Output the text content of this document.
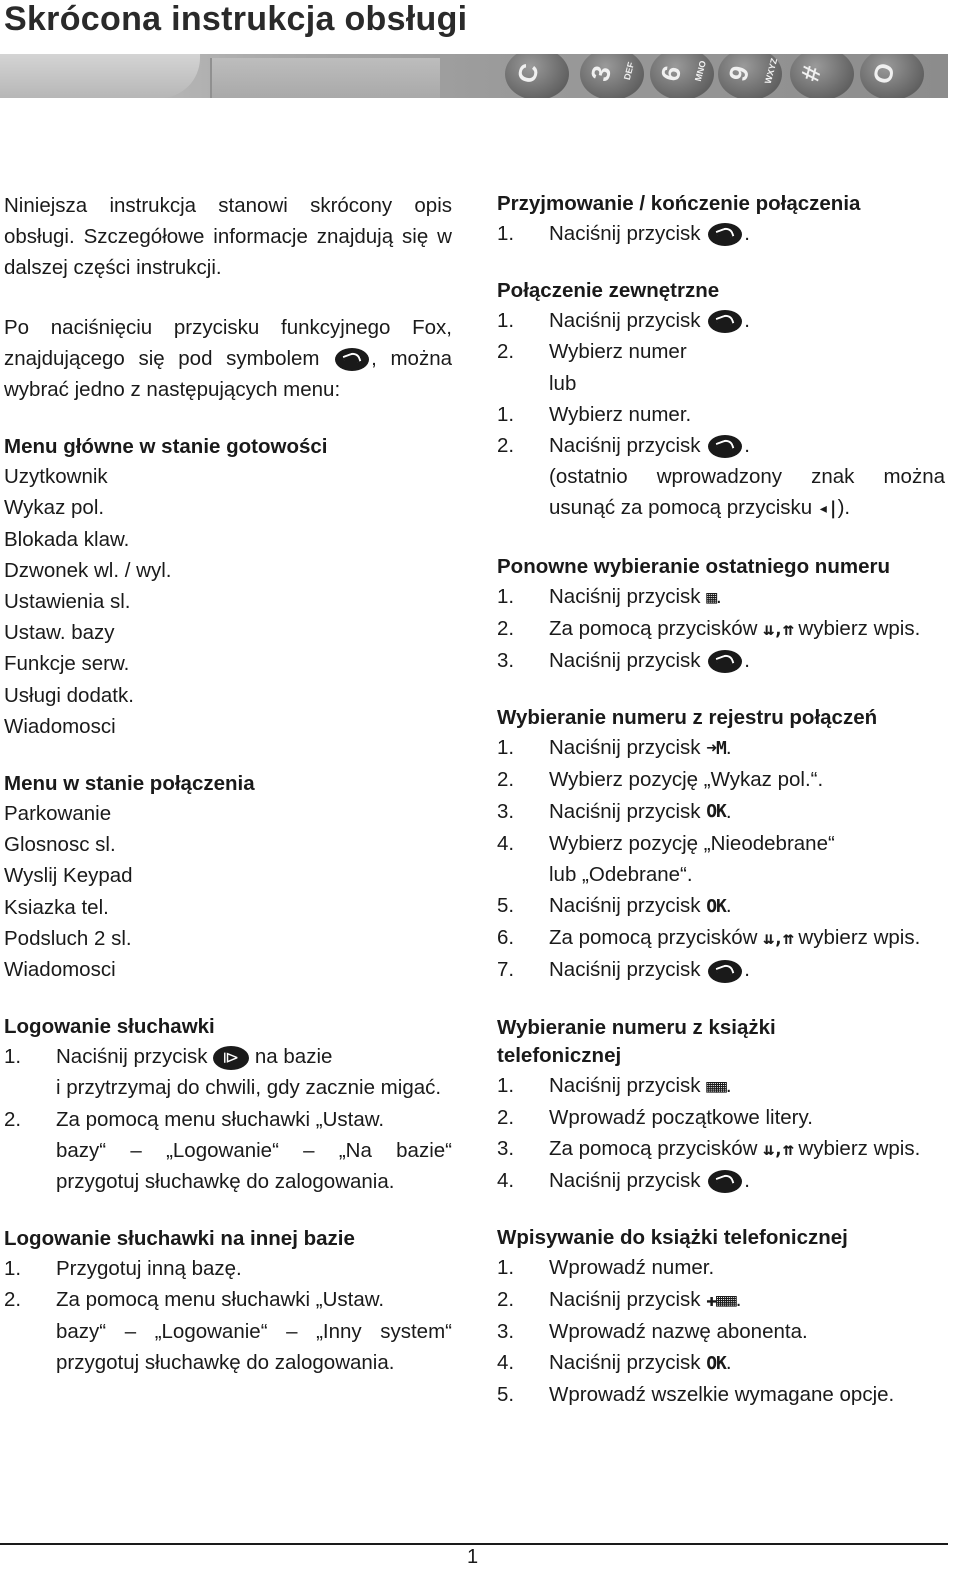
Skrócona instrukcja obsługi
C 3 DEF 6 MNO 9 WXYZ # O

Niniejsza instrukcja stanowi skrócony opis obsługi. Szczegółowe informacje znajdują się w dalszej części instrukcji.

Po naciśnięciu przycisku funkcyjnego Fox, znajdującego się pod symbolem	, można wybrać jedno z następujących menu:

Menu główne w stanie gotowości
Uzytkownik
Wykaz pol.
Blokada klaw.
Dzwonek wl. / wyl.
Ustawienia sl.
Ustaw. bazy
Funkcje serw.
Usługi dodatk.
Wiadomosci
Menu w stanie połączenia
Parkowanie
Glosnosc sl.
Wyslij Keypad
Ksiazka tel.
Podsluch 2 sl.
Wiadomosci
Logowanie słuchawki
1.	Naciśnij przycisk ⧐ na bazie
i przytrzymaj do chwili, gdy zacznie migać.
2.	Za pomocą menu słuchawki „Ustaw.

bazy“ – „Logowanie“ – „Na bazie“
przygotuj słuchawkę do zalogowania.
Logowanie słuchawki na innej bazie
1.	Przygotuj inną bazę.
2.	Za pomocą menu słuchawki „Ustaw.

bazy“ – „Logowanie“ – „Inny system“
przygotuj słuchawkę do zalogowania.
Przyjmowanie / kończenie połączenia
1.	Naciśnij przycisk .
Połączenie zewnętrzne
1.	Naciśnij przycisk .
2.	Wybierz numer
lub
1.	Wybierz numer.
2.	Naciśnij przycisk .
(ostatnio wprowadzony znak można
usunąć za pomocą przycisku ◂|).
Ponowne wybieranie ostatniego numeru
1.	Naciśnij przycisk ▦.
2.	Za pomocą przycisków ⇊,⇈ wybierz wpis.
3.	Naciśnij przycisk .
Wybieranie numeru z rejestru połączeń
1.	Naciśnij przycisk ➜M.
2.	Wybierz pozycję „Wykaz pol.“.
3.	Naciśnij przycisk OK.
4.	Wybierz pozycję „Nieodebrane“
lub „Odebrane“.
5.	Naciśnij przycisk OK.
6.	Za pomocą przycisków ⇊,⇈ wybierz wpis.
7.	Naciśnij przycisk .
Wybieranie numeru z książki
telefonicznej
1.	Naciśnij przycisk ▦▦.
2.	Wprowadź początkowe litery.
3.	Za pomocą przycisków ⇊,⇈ wybierz wpis.
4.	Naciśnij przycisk .
Wpisywanie do książki telefonicznej
1.	Wprowadź numer.
2.	Naciśnij przycisk ✚▦▦.
3.	Wprowadź nazwę abonenta.
4.	Naciśnij przycisk OK.
5.	Wprowadź wszelkie wymagane opcje.
1
